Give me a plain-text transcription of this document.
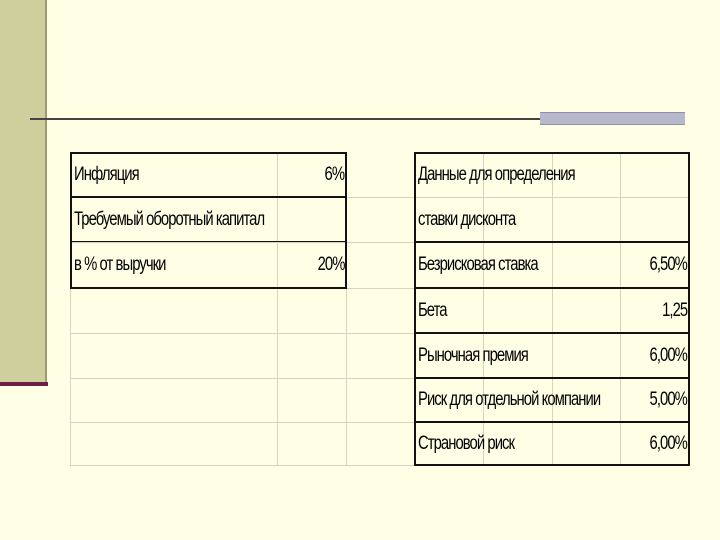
Инфляция	6%
Требуемый оборотный капитал
в % от выручки	20%
Данные для определения
ставки дисконта
Безрисковая ставка	6,50%
Бета	1,25
Рыночная премия	6,00%
Риск для отдельной компании	5,00%
Страновой риск	6,00%
